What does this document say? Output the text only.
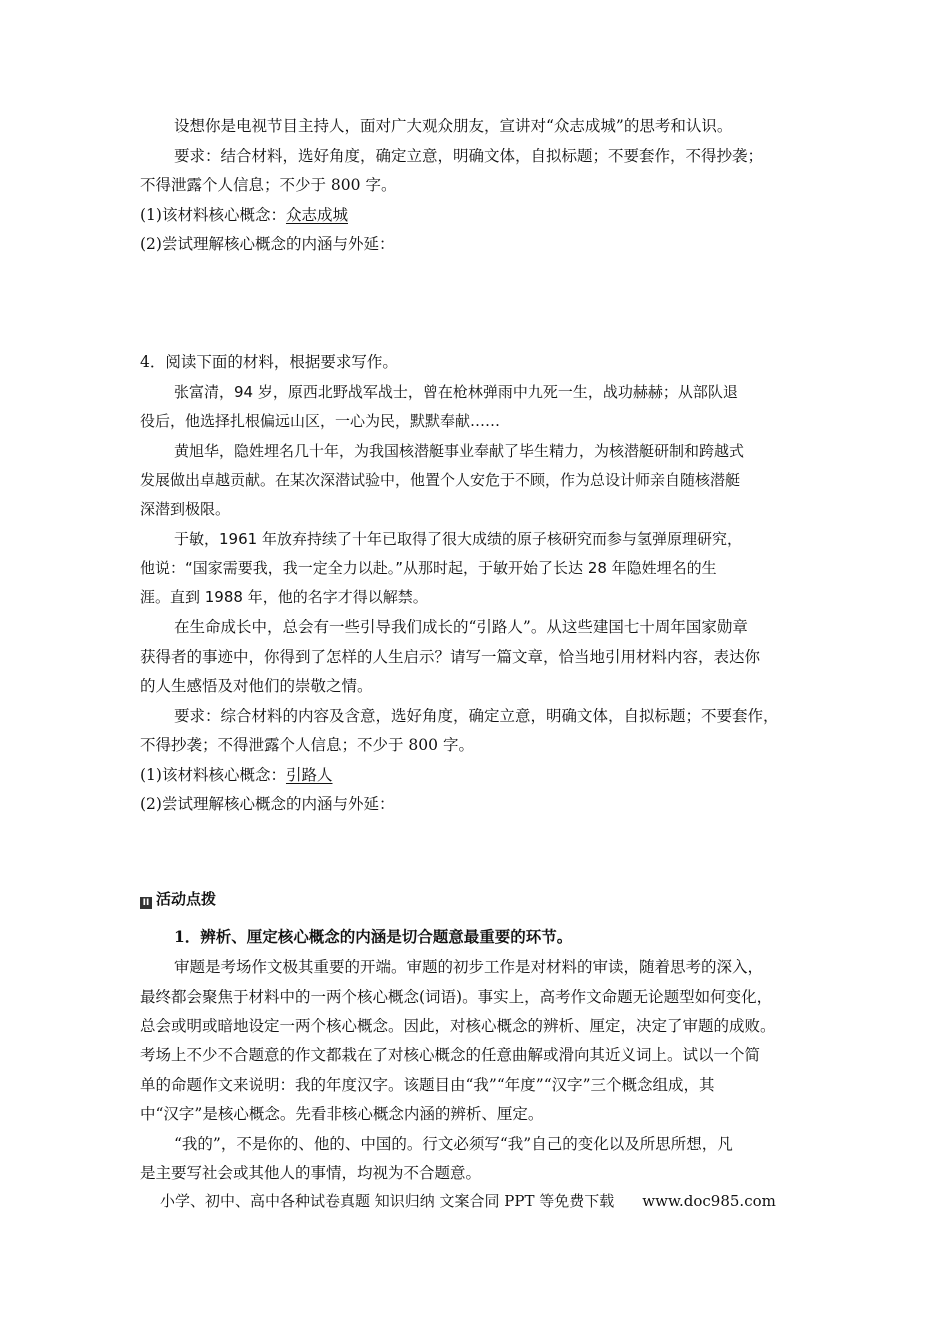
设想你是电视节目主持人，面对广大观众朋友，宣讲对“众志成城”的思考和认识。
要求：结合材料，选好角度，确定立意，明确文体，自拟标题；不要套作，不得抄袭；
不得泄露个人信息；不少于 800 字。
(1)该材料核心概念：众志成城
(2)尝试理解核心概念的内涵与外延：
4．阅读下面的材料，根据要求写作。
张富清，94 岁，原西北野战军战士，曾在枪林弹雨中九死一生，战功赫赫；从部队退
役后，他选择扎根偏远山区，一心为民，默默奉献……
黄旭华，隐姓埋名几十年，为我国核潜艇事业奉献了毕生精力，为核潜艇研制和跨越式
发展做出卓越贡献。在某次深潜试验中，他置个人安危于不顾，作为总设计师亲自随核潜艇
深潜到极限。
于敏，1961 年放弃持续了十年已取得了很大成绩的原子核研究而参与氢弹原理研究，
他说：“国家需要我，我一定全力以赴。”从那时起，于敏开始了长达 28 年隐姓埋名的生
涯。直到 1988 年，他的名字才得以解禁。
在生命成长中，总会有一些引导我们成长的“引路人”。从这些建国七十周年国家勋章
获得者的事迹中，你得到了怎样的人生启示？请写一篇文章，恰当地引用材料内容，表达你
的人生感悟及对他们的崇敬之情。
要求：综合材料的内容及含意，选好角度，确定立意，明确文体，自拟标题；不要套作，
不得抄袭；不得泄露个人信息；不少于 800 字。
(1)该材料核心概念：引路人
(2)尝试理解核心概念的内涵与外延：
II 活动点拨
1．辨析、厘定核心概念的内涵是切合题意最重要的环节。
审题是考场作文极其重要的开端。审题的初步工作是对材料的审读，随着思考的深入，
最终都会聚焦于材料中的一两个核心概念(词语)。事实上，高考作文命题无论题型如何变化，
总会或明或暗地设定一两个核心概念。因此，对核心概念的辨析、厘定，决定了审题的成败。
考场上不少不合题意的作文都栽在了对核心概念的任意曲解或滑向其近义词上。试以一个简
单的命题作文来说明：我的年度汉字。该题目由“我”“年度”“汉字”三个概念组成，其
中“汉字”是核心概念。先看非核心概念内涵的辨析、厘定。
“我的”，不是你的、他的、中国的。行文必须写“我”自己的变化以及所思所想，凡
是主要写社会或其他人的事情，均视为不合题意。
小学、初中、高中各种试卷真题 知识归纳 文案合同 PPT 等免费下载 www.doc985.com
